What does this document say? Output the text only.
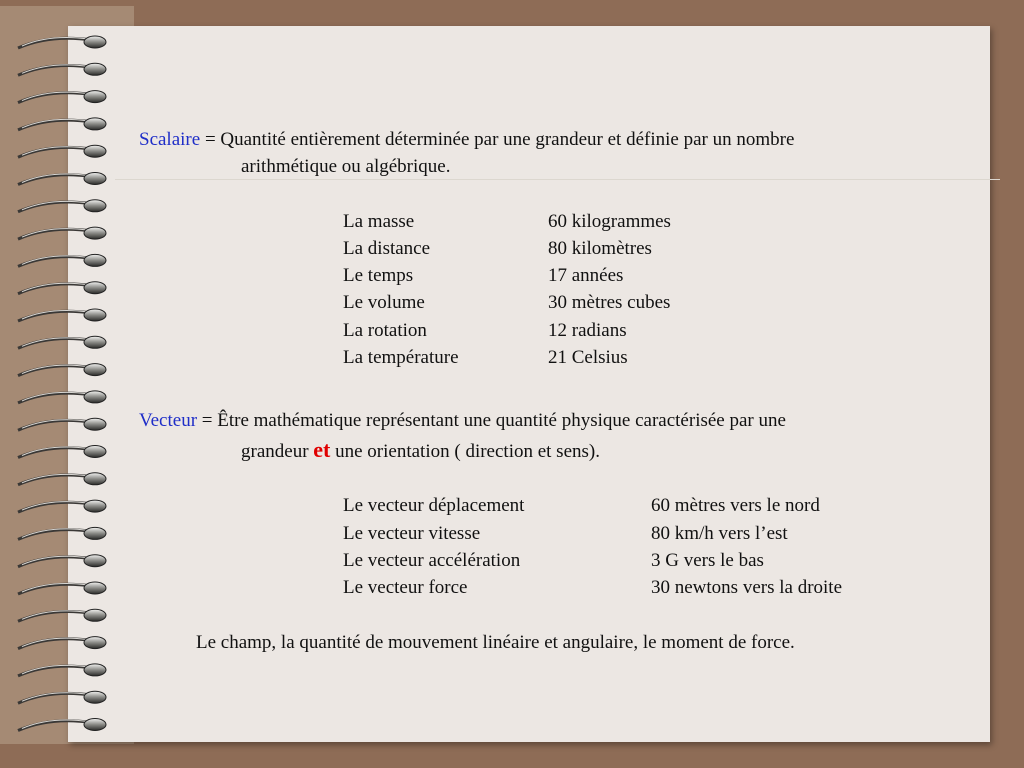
Scalaire = Quantité entièrement déterminée par une grandeur et définie par un nombre
arithmétique ou algébrique.
La masse	60 kilogrammes
La distance	80 kilomètres
Le temps	17 années
Le volume	30 mètres cubes
La rotation	12 radians
La température	21 Celsius
Vecteur = Être mathématique représentant une quantité physique caractérisée par une
grandeur et une orientation ( direction et sens).
Le vecteur déplacement	60 mètres vers le nord
Le vecteur vitesse	80 km/h vers l’est
Le vecteur accélération	3 G vers le bas
Le vecteur force	30 newtons vers la droite
Le champ, la quantité de mouvement linéaire et angulaire, le moment de force.
